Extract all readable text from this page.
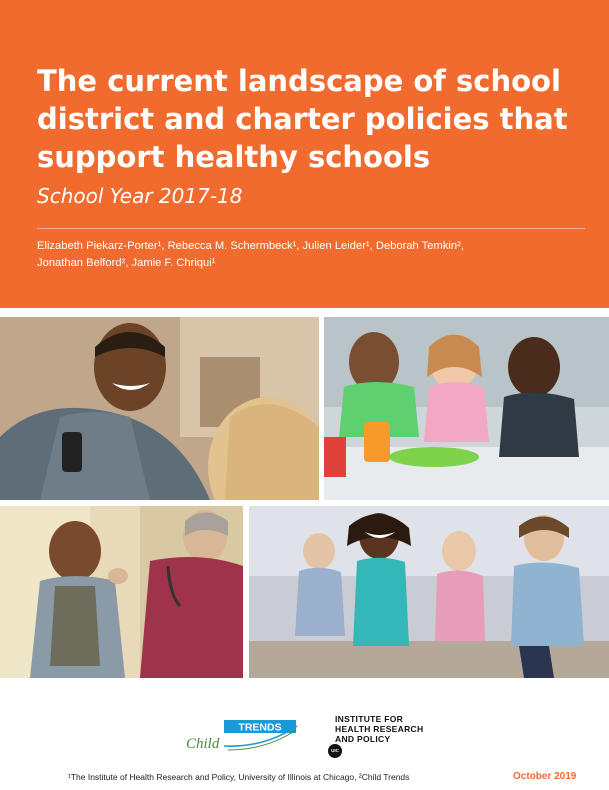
The current landscape of school district and charter policies that support healthy schools
School Year 2017-18
Elizabeth Piekarz-Porter¹, Rebecca M. Schermbeck¹, Julien Leider¹, Deborah Temkin²,
Jonathan Belford², Jamie F. Chriqui¹
TRENDS
Child
INSTITUTE FOR
HEALTH RESEARCH
AND POLICY
UIC
¹The Institute of Health Research and Policy, University of Illinois at Chicago, ²Child Trends	October 2019
